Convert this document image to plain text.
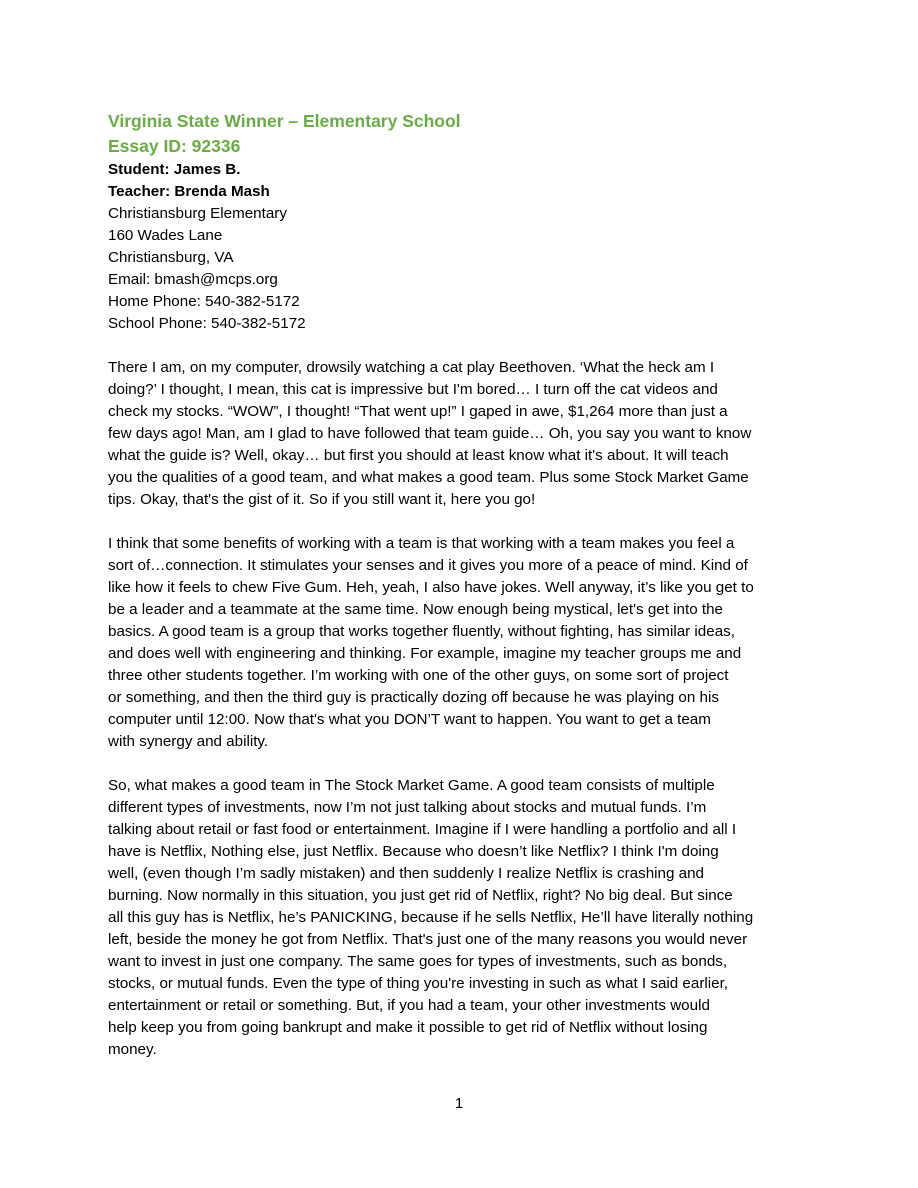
Virginia State Winner – Elementary School

Essay ID: 92336

Student: James B.

Teacher: Brenda Mash

Christiansburg Elementary

160 Wades Lane

Christiansburg, VA

Email: bmash@mcps.org

Home Phone: 540-382-5172

School Phone: 540-382-5172

There I am, on my computer, drowsily watching a cat play Beethoven. ‘What the heck am I
doing?’ I thought, I mean, this cat is impressive but I'm bored… I turn off the cat videos and
check my stocks. “WOW”, I thought! “That went up!” I gaped in awe, $1,264 more than just a
few days ago! Man, am I glad to have followed that team guide… Oh, you say you want to know
what the guide is? Well, okay… but first you should at least know what it's about. It will teach
you the qualities of a good team, and what makes a good team. Plus some Stock Market Game
tips. Okay, that's the gist of it. So if you still want it, here you go!
I think that some benefits of working with a team is that working with a team makes you feel a
sort of…connection. It stimulates your senses and it gives you more of a peace of mind. Kind of
like how it feels to chew Five Gum. Heh, yeah, I also have jokes. Well anyway, it’s like you get to
be a leader and a teammate at the same time. Now enough being mystical, let's get into the
basics. A good team is a group that works together fluently, without fighting, has similar ideas,
and does well with engineering and thinking. For example, imagine my teacher groups me and
three other students together. I’m working with one of the other guys, on some sort of project
or something, and then the third guy is practically dozing off because he was playing on his
computer until 12:00. Now that's what you DON’T want to happen. You want to get a team
with synergy and ability.
So, what makes a good team in The Stock Market Game. A good team consists of multiple
different types of investments, now I’m not just talking about stocks and mutual funds. I’m
talking about retail or fast food or entertainment. Imagine if I were handling a portfolio and all I
have is Netflix, Nothing else, just Netflix. Because who doesn’t like Netflix? I think I'm doing
well, (even though I’m sadly mistaken) and then suddenly I realize Netflix is crashing and
burning. Now normally in this situation, you just get rid of Netflix, right? No big deal. But since
all this guy has is Netflix, he’s PANICKING, because if he sells Netflix, He’ll have literally nothing
left, beside the money he got from Netflix. That's just one of the many reasons you would never
want to invest in just one company. The same goes for types of investments, such as bonds,
stocks, or mutual funds. Even the type of thing you're investing in such as what I said earlier,
entertainment or retail or something. But, if you had a team, your other investments would
help keep you from going bankrupt and make it possible to get rid of Netflix without losing
money.
1
